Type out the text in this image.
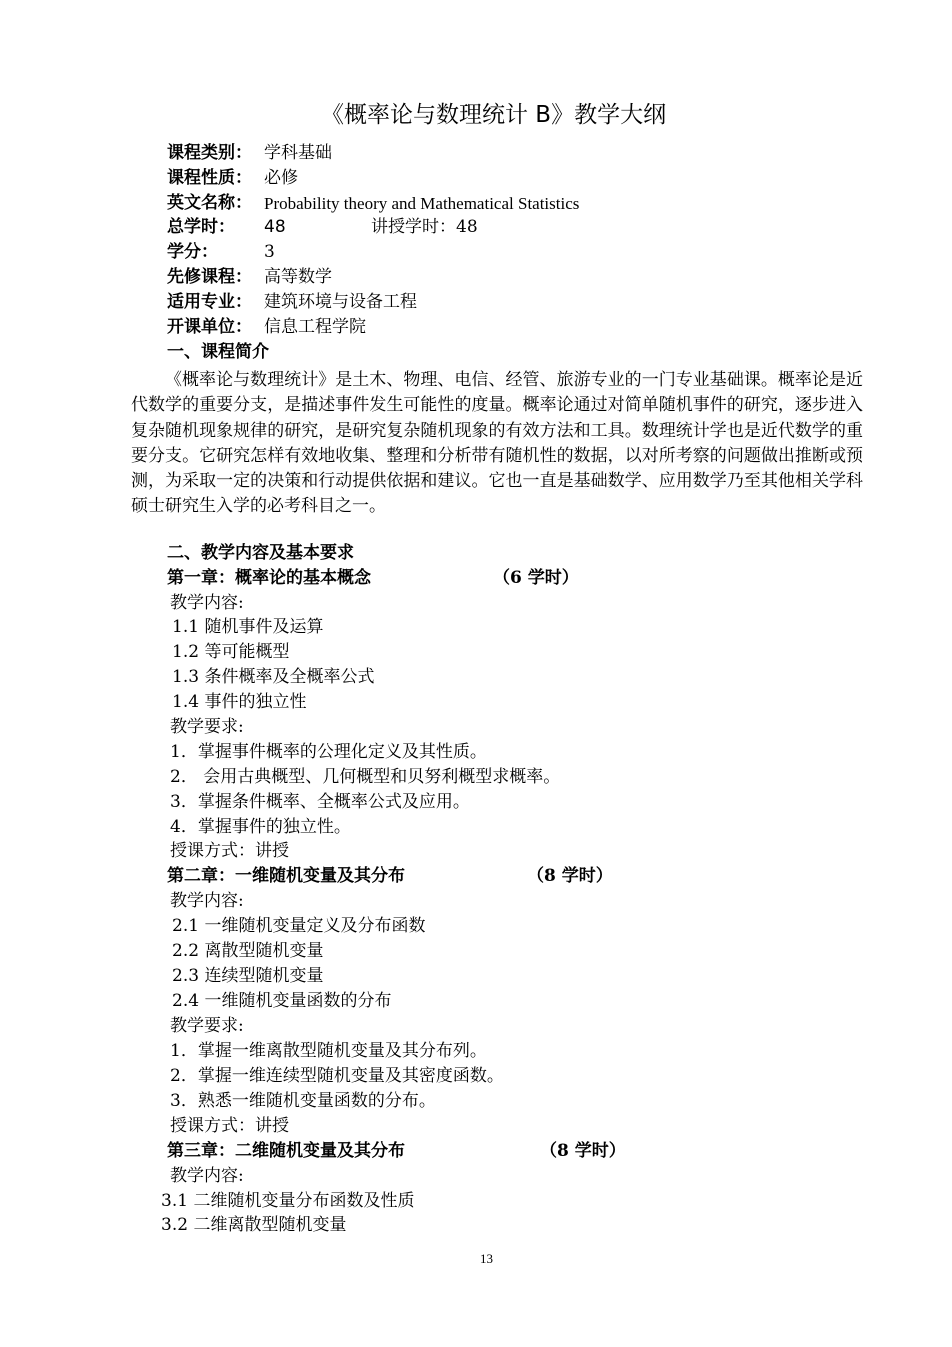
《概率论与数理统计 B》教学大纲
课程类别： 学科基础
课程性质： 必修
英文名称： Probability theory and Mathematical Statistics
总学时： 48	讲授学时：48
学分：	3
先修课程： 高等数学
适用专业： 建筑环境与设备工程
开课单位： 信息工程学院
一、课程简介
《概率论与数理统计》是土木、物理、电信、经管、旅游专业的一门专业基础课。概率论是近代数学的重要分支，是描述事件发生可能性的度量。概率论通过对简单随机事件的研究，逐步进入复杂随机现象规律的研究，是研究复杂随机现象的有效方法和工具。数理统计学也是近代数学的重要分支。它研究怎样有效地收集、整理和分析带有随机性的数据，以对所考察的问题做出推断或预测，为采取一定的决策和行动提供依据和建议。它也一直是基础数学、应用数学乃至其他相关学科硕士研究生入学的必考科目之一。
二、教学内容及基本要求
第一章：概率论的基本概念	（6 学时）
教学内容:
1.1 随机事件及运算
1.2 等可能概型
1.3 条件概率及全概率公式
1.4 事件的独立性
教学要求:
1．掌握事件概率的公理化定义及其性质。
2． 会用古典概型、几何概型和贝努利概型求概率。
3．掌握条件概率、全概率公式及应用。
4．掌握事件的独立性。
授课方式：讲授
第二章：一维随机变量及其分布	（8 学时）
教学内容:
2.1 一维随机变量定义及分布函数
2.2 离散型随机变量
2.3 连续型随机变量
2.4 一维随机变量函数的分布
教学要求:
1．掌握一维离散型随机变量及其分布列。
2．掌握一维连续型随机变量及其密度函数。
3．熟悉一维随机变量函数的分布。
授课方式：讲授
第三章：二维随机变量及其分布	（8 学时）
教学内容:
3.1 二维随机变量分布函数及性质
3.2 二维离散型随机变量
13
